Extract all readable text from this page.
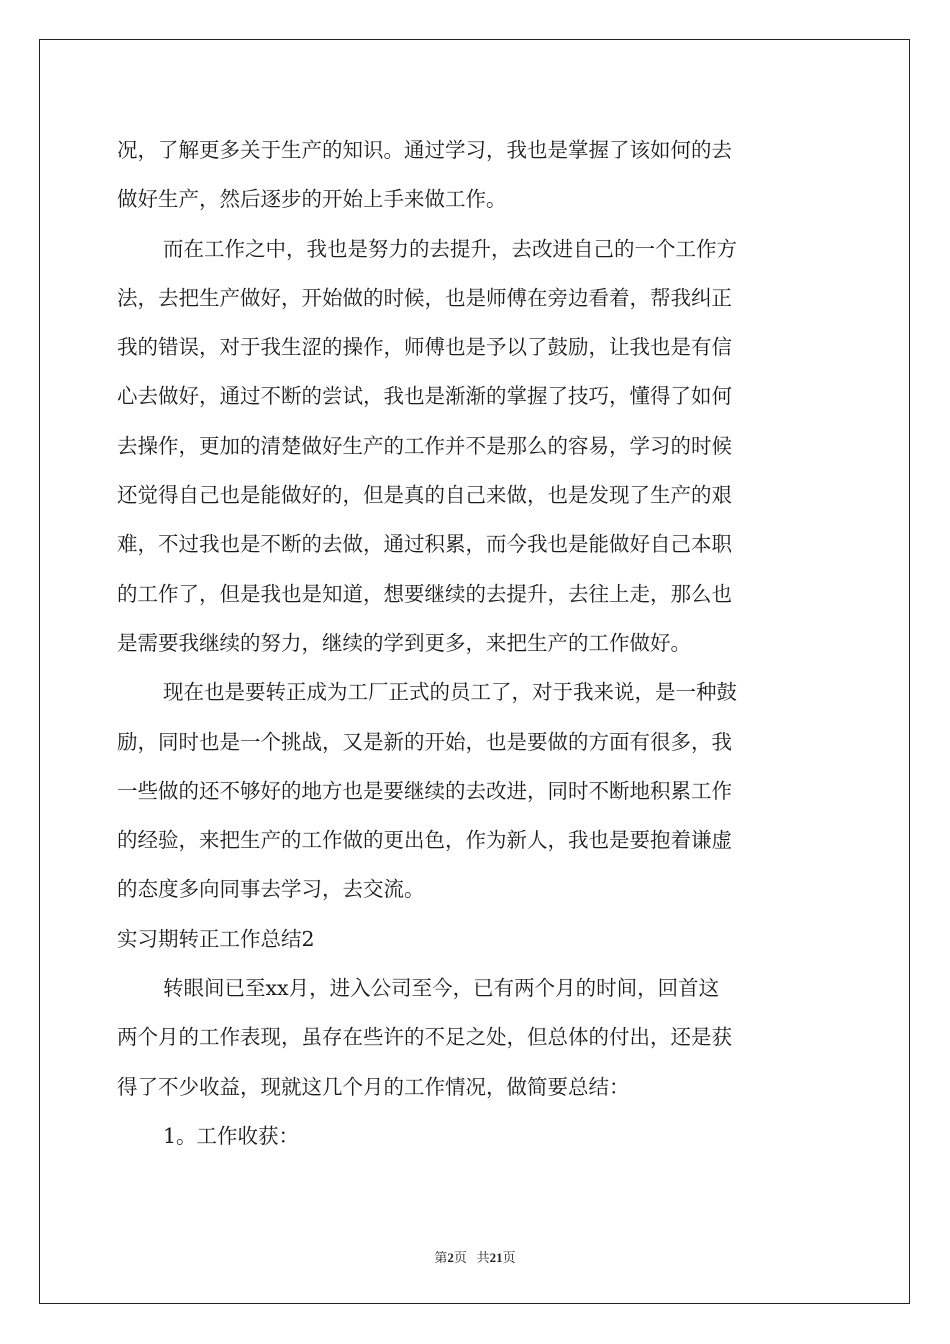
况，了解更多关于生产的知识。通过学习，我也是掌握了该如何的去
做好生产，然后逐步的开始上手来做工作。
而在工作之中，我也是努力的去提升，去改进自己的一个工作方
法，去把生产做好，开始做的时候，也是师傅在旁边看着，帮我纠正
我的错误，对于我生涩的操作，师傅也是予以了鼓励，让我也是有信
心去做好，通过不断的尝试，我也是渐渐的掌握了技巧，懂得了如何
去操作，更加的清楚做好生产的工作并不是那么的容易，学习的时候
还觉得自己也是能做好的，但是真的自己来做，也是发现了生产的艰
难，不过我也是不断的去做，通过积累，而今我也是能做好自己本职
的工作了，但是我也是知道，想要继续的去提升，去往上走，那么也
是需要我继续的努力，继续的学到更多，来把生产的工作做好。
现在也是要转正成为工厂正式的员工了，对于我来说，是一种鼓
励，同时也是一个挑战，又是新的开始，也是要做的方面有很多，我
一些做的还不够好的地方也是要继续的去改进，同时不断地积累工作
的经验，来把生产的工作做的更出色，作为新人，我也是要抱着谦虚
的态度多向同事去学习，去交流。
实习期转正工作总结2
转眼间已至xx月，进入公司至今，已有两个月的时间，回首这
两个月的工作表现，虽存在些许的不足之处，但总体的付出，还是获
得了不少收益，现就这几个月的工作情况，做简要总结：
1。工作收获：
第2页 共21页
